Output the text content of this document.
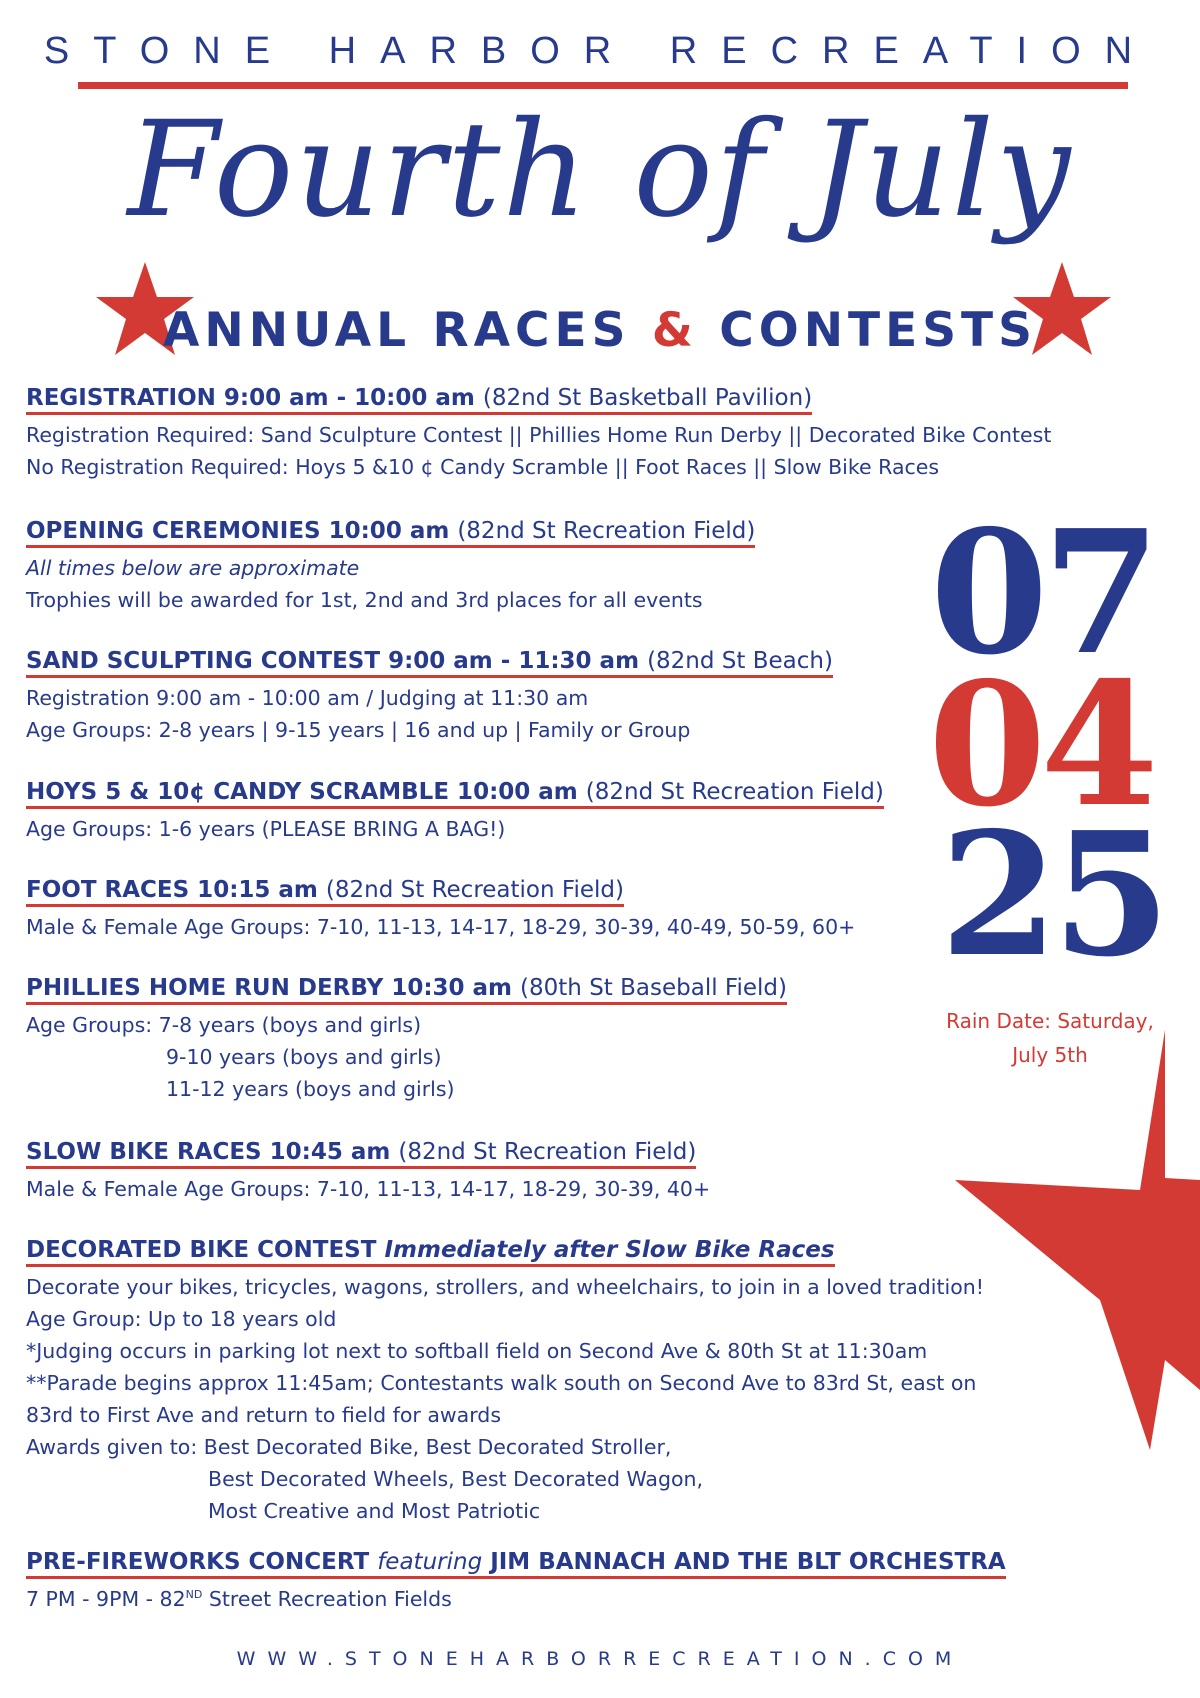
STONE HARBOR RECREATION
Fourth of July
ANNUAL RACES & CONTESTS
07
04
25
Rain Date: Saturday,
July 5th
REGISTRATION 9:00 am - 10:00 am (82nd St Basketball Pavilion)
Registration Required: Sand Sculpture Contest || Phillies Home Run Derby || Decorated Bike Contest
No Registration Required: Hoys 5 &10 ¢ Candy Scramble || Foot Races || Slow Bike Races
OPENING CEREMONIES 10:00 am (82nd St Recreation Field)
All times below are approximate
Trophies will be awarded for 1st, 2nd and 3rd places for all events
SAND SCULPTING CONTEST 9:00 am - 11:30 am (82nd St Beach)
Registration 9:00 am - 10:00 am / Judging at 11:30 am
Age Groups: 2-8 years | 9-15 years | 16 and up | Family or Group
HOYS 5 & 10¢ CANDY SCRAMBLE 10:00 am (82nd St Recreation Field)
Age Groups: 1-6 years (PLEASE BRING A BAG!)
FOOT RACES 10:15 am (82nd St Recreation Field)
Male & Female Age Groups: 7-10, 11-13, 14-17, 18-29, 30-39, 40-49, 50-59, 60+
PHILLIES HOME RUN DERBY 10:30 am (80th St Baseball Field)
Age Groups: 7-8 years (boys and girls)
9-10 years (boys and girls)
11-12 years (boys and girls)
SLOW BIKE RACES 10:45 am (82nd St Recreation Field)
Male & Female Age Groups: 7-10, 11-13, 14-17, 18-29, 30-39, 40+
DECORATED BIKE CONTEST Immediately after Slow Bike Races
Decorate your bikes, tricycles, wagons, strollers, and wheelchairs, to join in a loved tradition!
Age Group: Up to 18 years old
*Judging occurs in parking lot next to softball field on Second Ave & 80th St at 11:30am
**Parade begins approx 11:45am; Contestants walk south on Second Ave to 83rd St, east on
83rd to First Ave and return to field for awards
Awards given to: Best Decorated Bike, Best Decorated Stroller,
Best Decorated Wheels, Best Decorated Wagon,
Most Creative and Most Patriotic
PRE-FIREWORKS CONCERT featuring JIM BANNACH AND THE BLT ORCHESTRA
7 PM - 9PM - 82ND Street Recreation Fields
WWW.STONEHARBORRECREATION.COM
